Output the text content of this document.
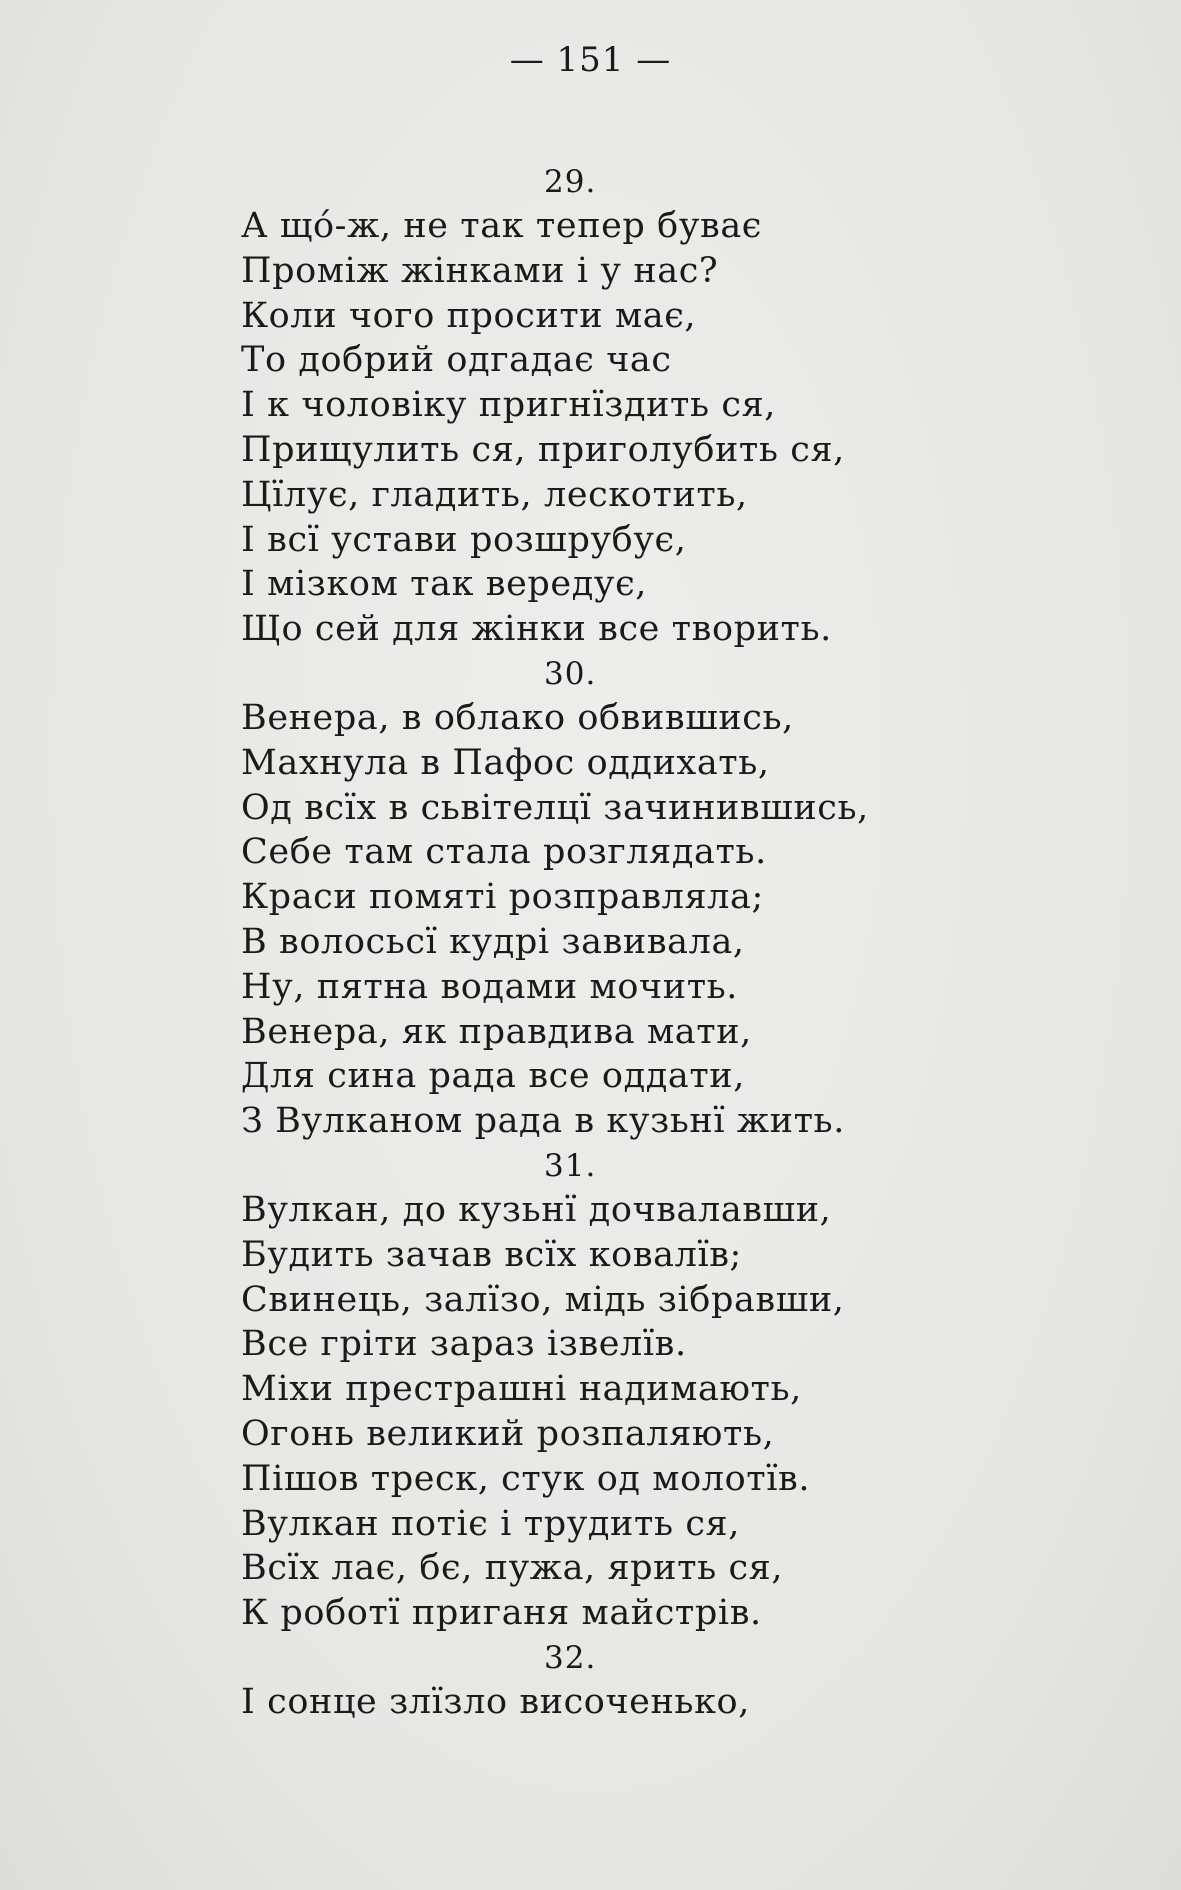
— 151 —
29.
А щó-ж, не так тепер буває
Проміж жінками і у нас?
Коли чого просити має,
То добрий одгадає час
І к чоловіку пригнїздить ся,
Прищулить ся, приголубить ся,
Цїлує, гладить, лескотить,
І всї устави розшрубує,
І мізком так вередує,
Що сей для жінки все творить.
30.
Венера, в облако обвившись,
Махнула в Пафос оддихать,
Од всїх в сьвітелцї зачинившись,
Себе там стала розглядать.
Краси помяті розправляла;
В волосьсї кудрі завивала,
Ну, пятна водами мочить.
Венера, як правдива мати,
Для сина рада все оддати,
З Вулканом рада в кузьнї жить.
31.
Вулкан, до кузьнї дочвалавши,
Будить зачав всїх ковалїв;
Свинець, залїзо, мідь зібравши,
Все гріти зараз ізвелїв.
Міхи престрашні надимають,
Огонь великий розпаляють,
Пішов треск, стук од молотїв.
Вулкан потіє і трудить ся,
Всїх лає, бє, пужа, ярить ся,
К роботї приганя майстрів.
32.
І сонце злїзло височенько,
